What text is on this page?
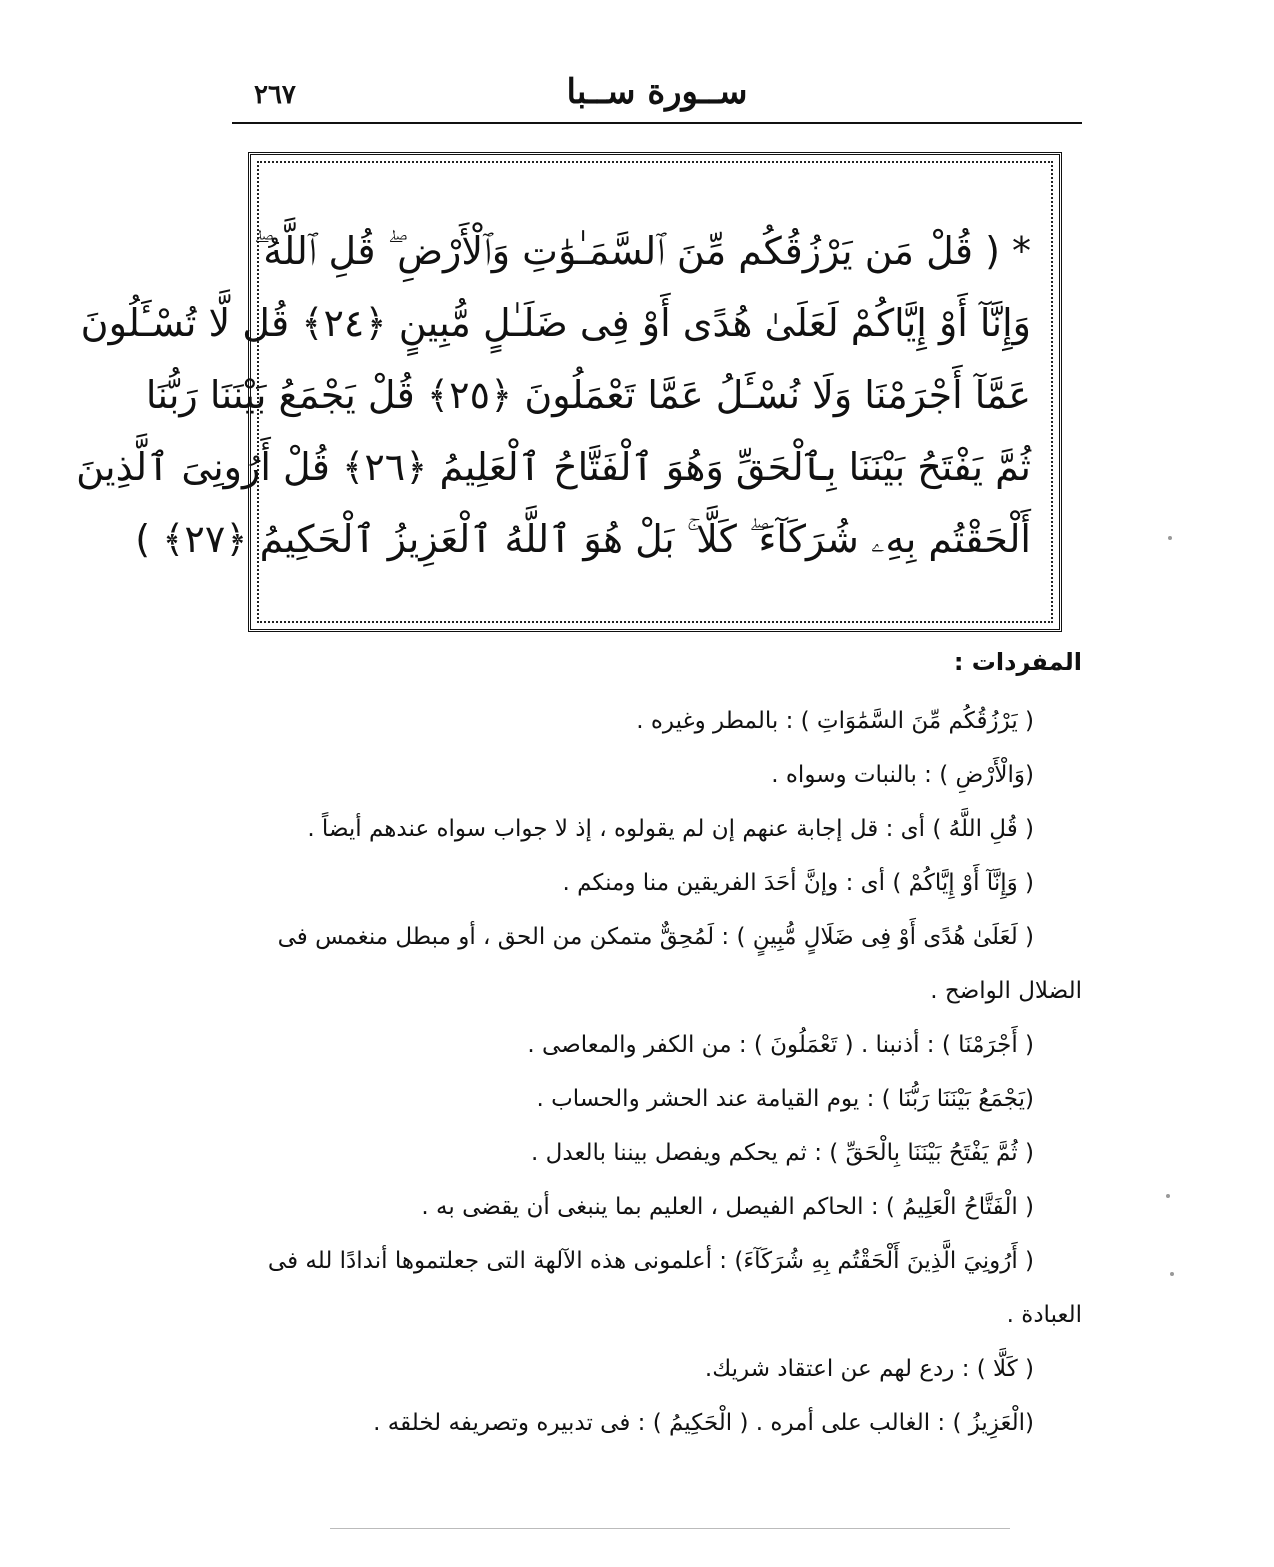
ســورة ســبا
٢٦٧
* ( قُلْ مَن يَرْزُقُكُم مِّنَ ٱلسَّمَـٰوَٰتِ وَٱلْأَرْضِ ۖ قُلِ ٱللَّهُ ۖ
وَإِنَّآ أَوْ إِيَّاكُمْ لَعَلَىٰ هُدًى أَوْ فِى ضَلَـٰلٍ مُّبِينٍ ﴿٢٤﴾ قُل لَّا تُسْـَٔلُونَ
عَمَّآ أَجْرَمْنَا وَلَا نُسْـَٔلُ عَمَّا تَعْمَلُونَ ﴿٢٥﴾ قُلْ يَجْمَعُ بَيْنَنَا رَبُّنَا
ثُمَّ يَفْتَحُ بَيْنَنَا بِٱلْحَقِّ وَهُوَ ٱلْفَتَّاحُ ٱلْعَلِيمُ ﴿٢٦﴾ قُلْ أَرُونِىَ ٱلَّذِينَ
أَلْحَقْتُم بِهِۦ شُرَكَآءَ ۖ كَلَّا ۚ بَلْ هُوَ ٱللَّهُ ٱلْعَزِيزُ ٱلْحَكِيمُ ﴿٢٧﴾ )
المفردات :
( يَرْزُقُكُم مِّنَ السَّمَٰوَاتِ ) : بالمطر وغيره .
(وَالْأَرْضِ ) : بالنبات وسواه .
( قُلِ اللَّهُ ) أى : قل إجابة عنهم إن لم يقولوه ، إذ لا جواب سواه عندهم أيضاً .
( وَإِنَّآ أَوْ إِيَّاكُمْ ) أى : وإنَّ أحَدَ الفريقين منا ومنكم .
( لَعَلَىٰ هُدًى أَوْ فِى ضَلَالٍ مُّبِينٍ ) : لَمُحِقٌّ متمكن من الحق ، أو مبطل منغمس فى
الضلال الواضح .
( أَجْرَمْنَا ) : أذنبنا . ( تَعْمَلُونَ ) : من الكفر والمعاصى .
(يَجْمَعُ بَيْنَنَا رَبُّنَا ) : يوم القيامة عند الحشر والحساب .
( ثُمَّ يَفْتَحُ بَيْنَنَا بِالْحَقِّ ) : ثم يحكم ويفصل بيننا بالعدل .
( الْفَتَّاحُ الْعَلِيمُ ) : الحاكم الفيصل ، العليم بما ينبغى أن يقضى به .
( أَرُونِيَ الَّذِينَ أَلْحَقْتُم بِهِ شُرَكَآءَ) : أعلمونى هذه الآلهة التى جعلتموها أندادًا لله فى
العبادة .
( كَلَّا ) : ردع لهم عن اعتقاد شريك.
(الْعَزِيزُ ) : الغالب على أمره . ( الْحَكِيمُ ) : فى تدبيره وتصريفه لخلقه .
